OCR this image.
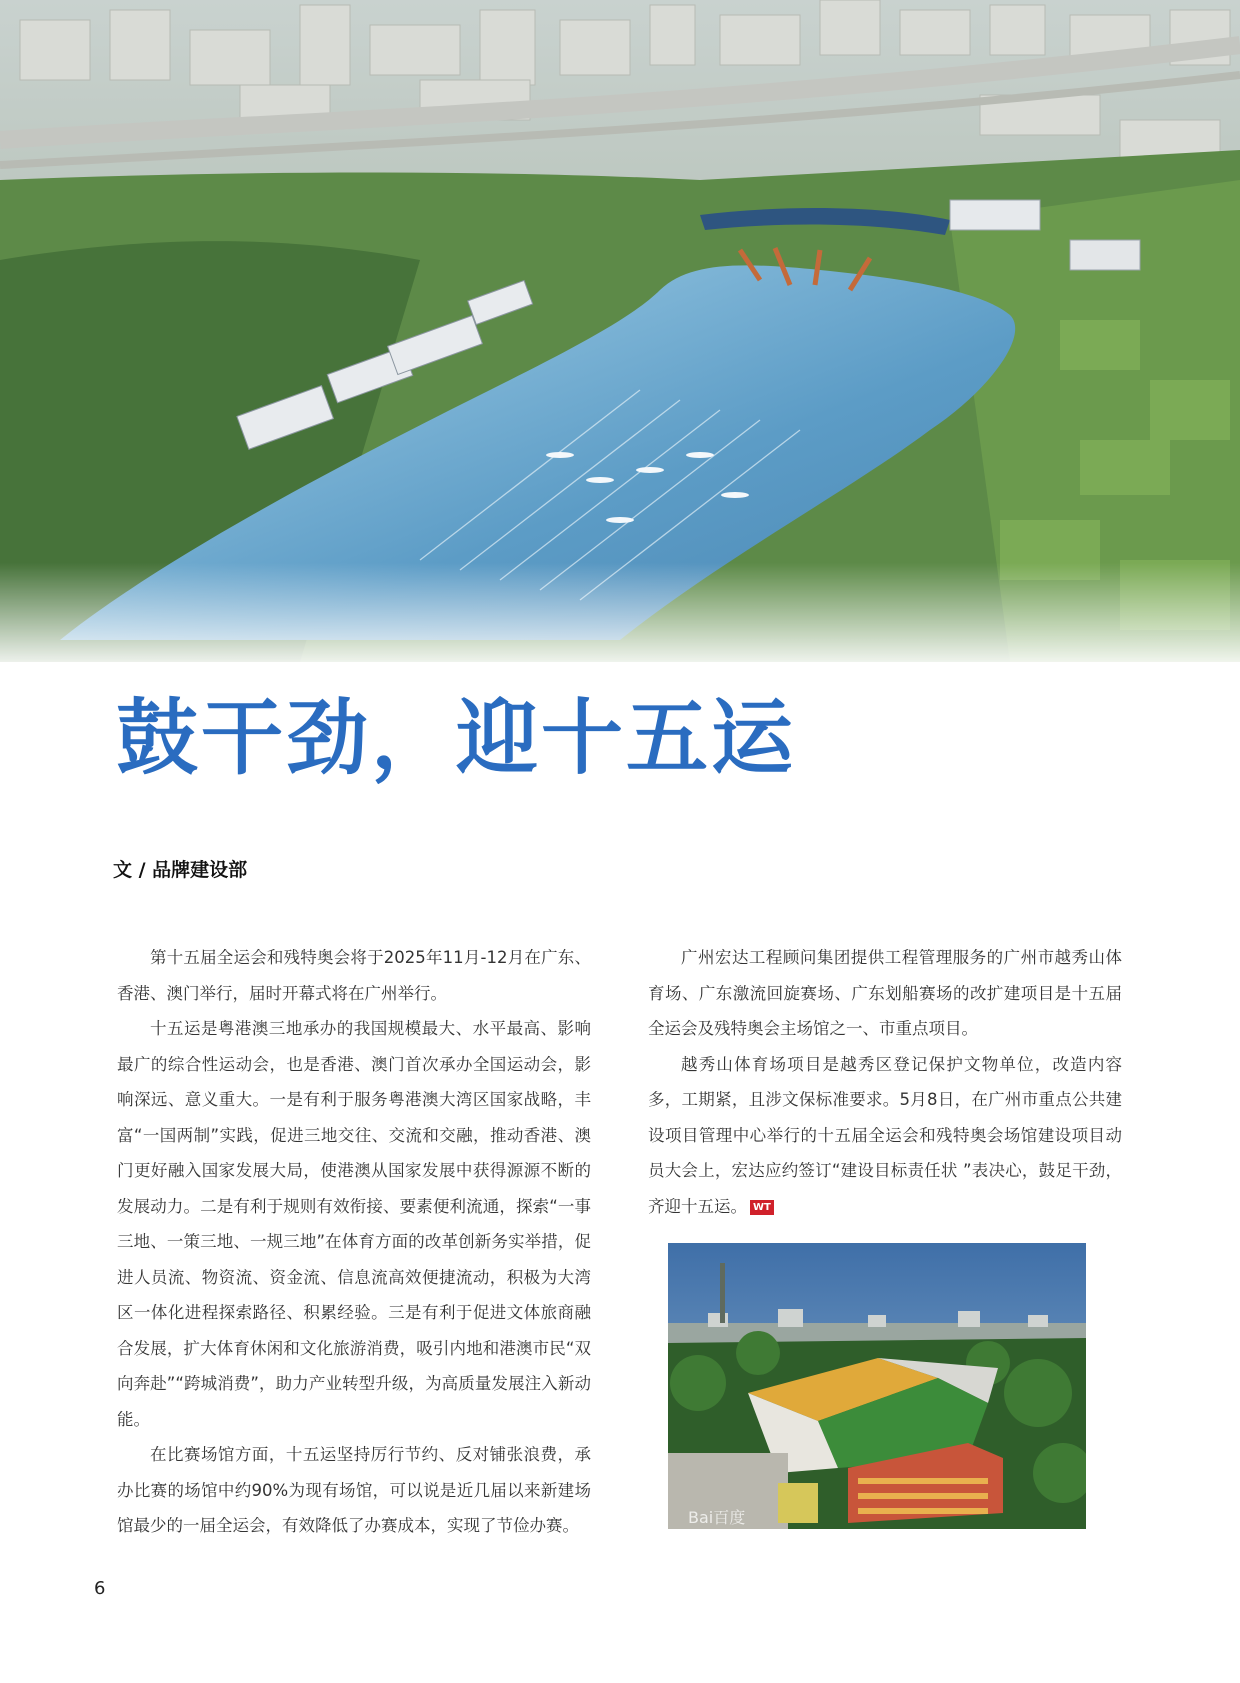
鼓干劲，迎十五运

文 / 品牌建设部

第十五届全运会和残特奥会将于2025年11月-12月在广东、香港、澳门举行，届时开幕式将在广州举行。

十五运是粤港澳三地承办的我国规模最大、水平最高、影响最广的综合性运动会，也是香港、澳门首次承办全国运动会，影响深远、意义重大。一是有利于服务粤港澳大湾区国家战略，丰富“一国两制”实践，促进三地交往、交流和交融，推动香港、澳门更好融入国家发展大局，使港澳从国家发展中获得源源不断的发展动力。二是有利于规则有效衔接、要素便利流通，探索“一事三地、一策三地、一规三地”在体育方面的改革创新务实举措，促进人员流、物资流、资金流、信息流高效便捷流动，积极为大湾区一体化进程探索路径、积累经验。三是有利于促进文体旅商融合发展，扩大体育休闲和文化旅游消费，吸引内地和港澳市民“双向奔赴”“跨城消费”，助力产业转型升级，为高质量发展注入新动能。

在比赛场馆方面，十五运坚持厉行节约、反对铺张浪费，承办比赛的场馆中约90%为现有场馆，可以说是近几届以来新建场馆最少的一届全运会，有效降低了办赛成本，实现了节俭办赛。

广州宏达工程顾问集团提供工程管理服务的广州市越秀山体育场、广东激流回旋赛场、广东划船赛场的改扩建项目是十五届全运会及残特奥会主场馆之一、市重点项目。

越秀山体育场项目是越秀区登记保护文物单位，改造内容多，工期紧，且涉文保标准要求。5月8日，在广州市重点公共建设项目管理中心举行的十五届全运会和残特奥会场馆建设项目动员大会上，宏达应约签订“建设目标责任状 ”表决心，鼓足干劲，齐迎十五运。 WT

Bai百度

6
